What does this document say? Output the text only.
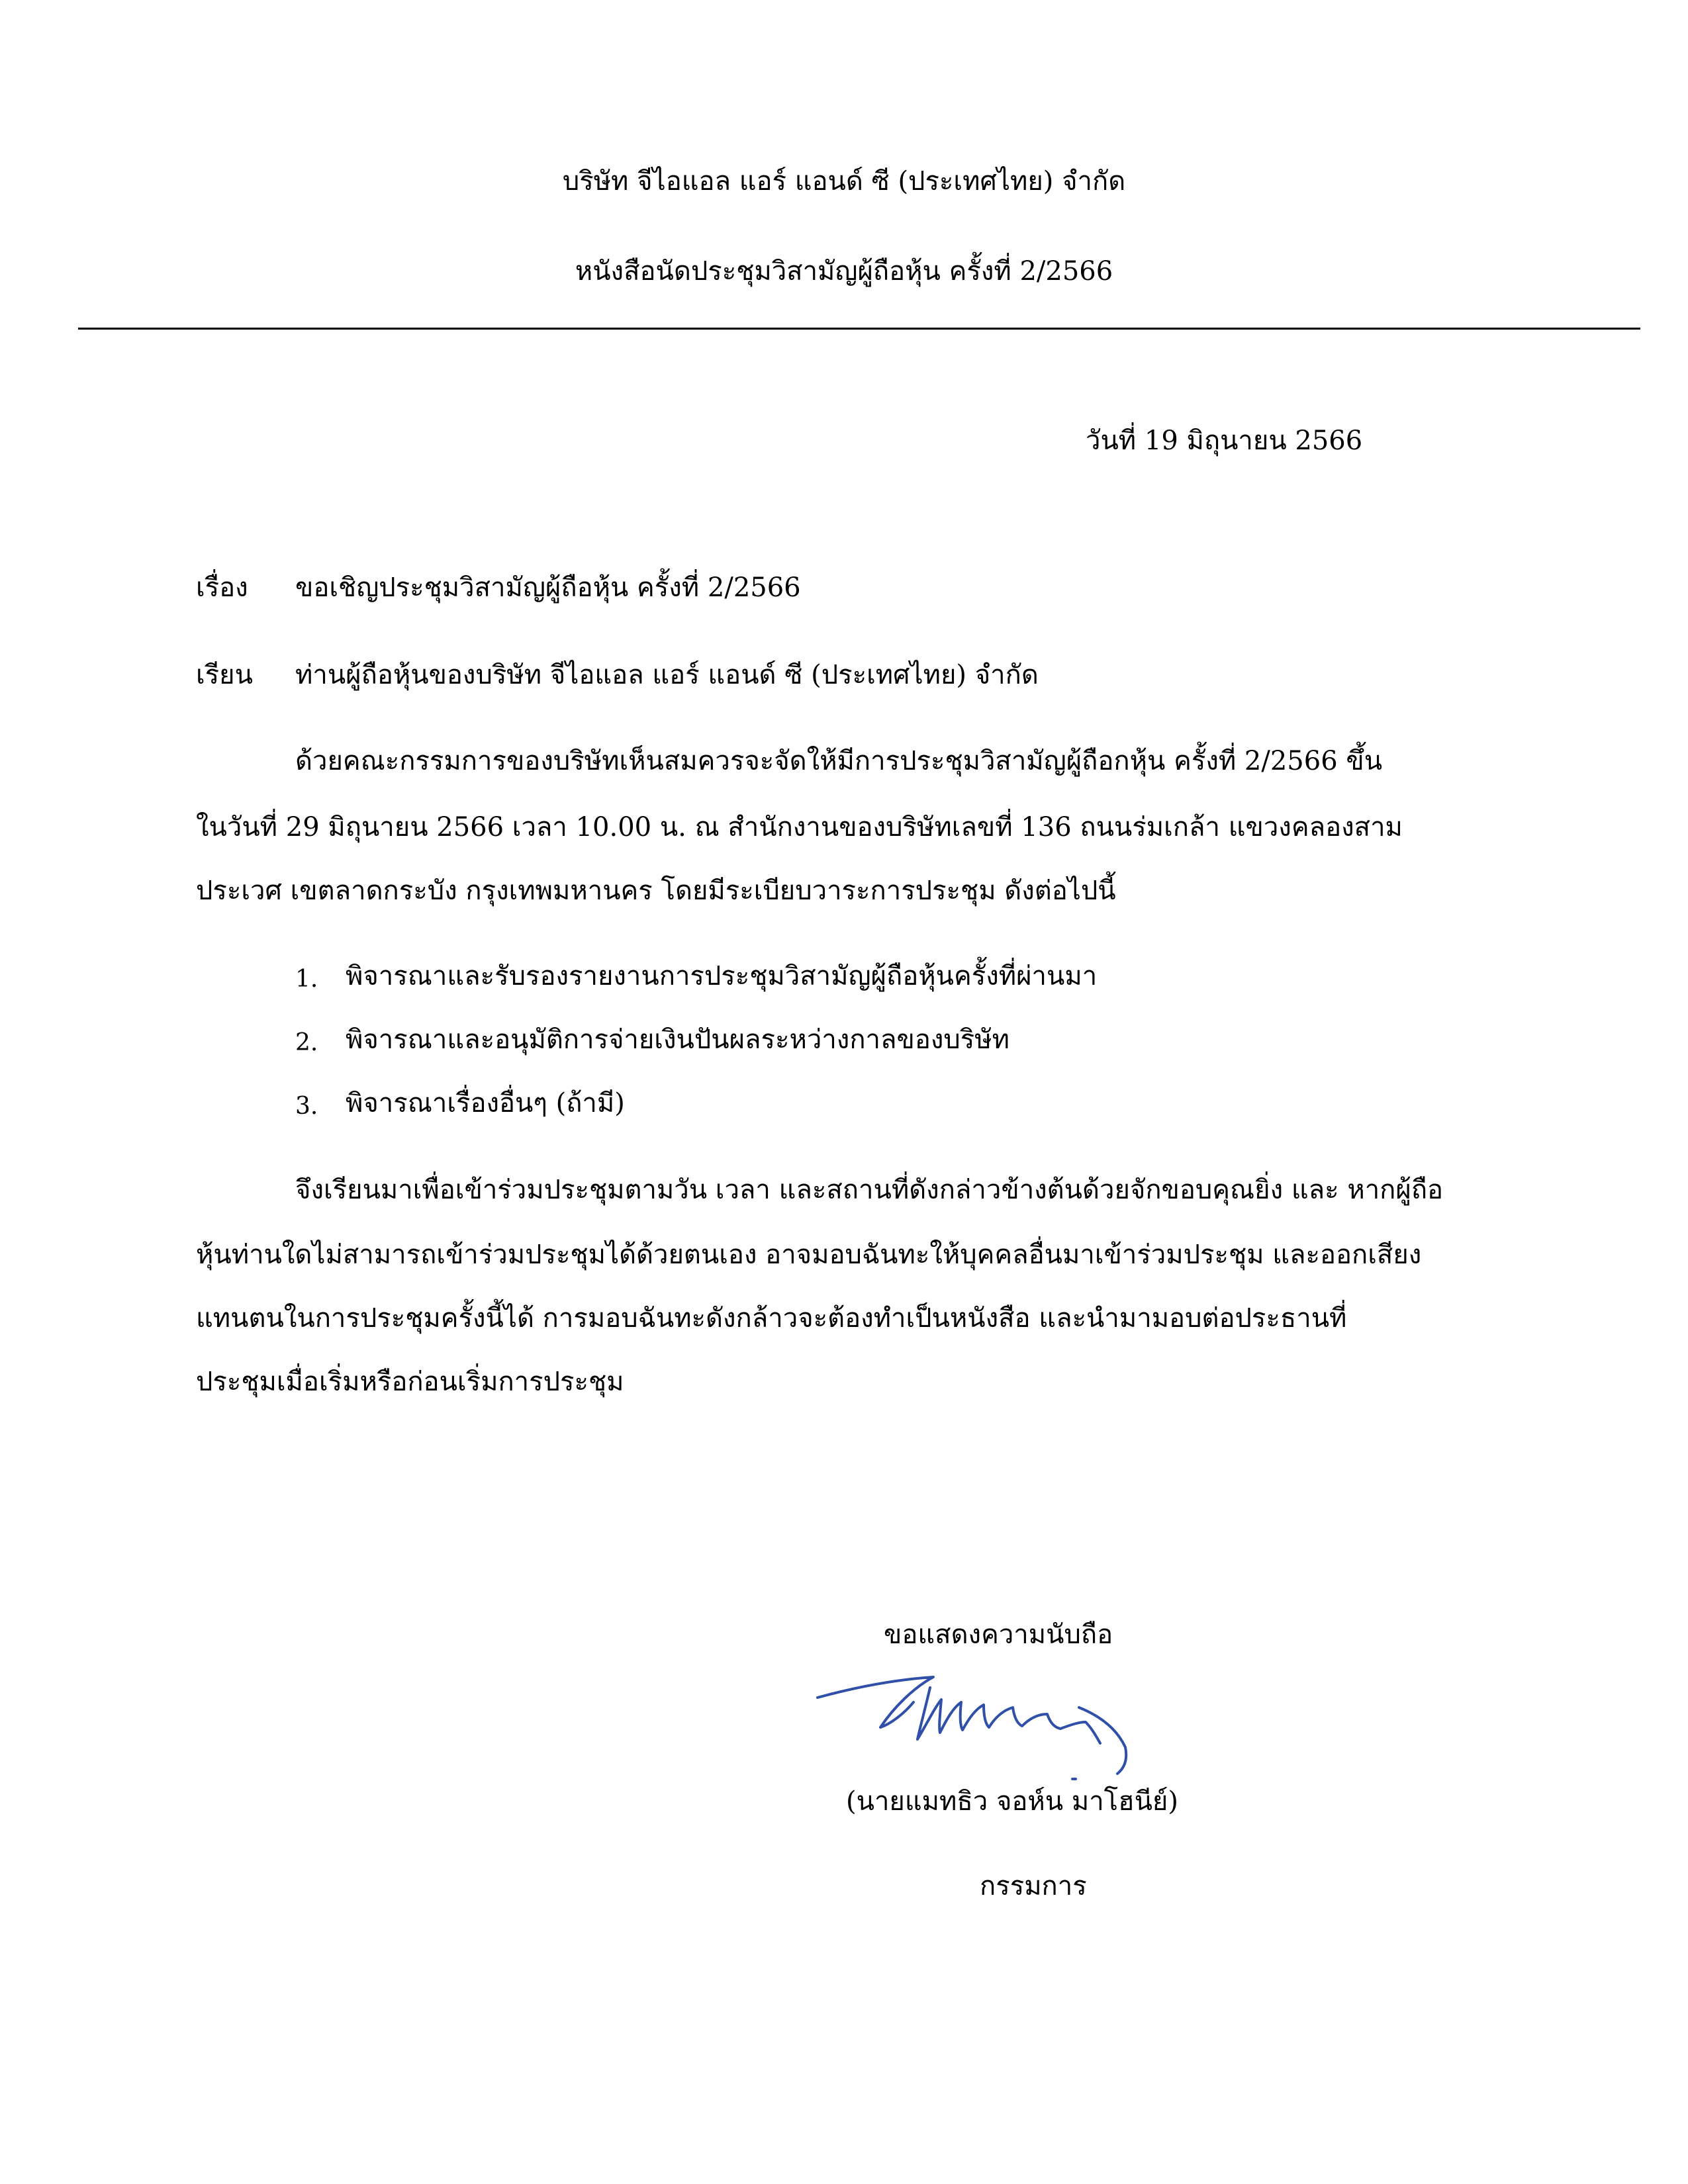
บริษัท จีไอแอล แอร์ แอนด์ ซี (ประเทศไทย) จำกัด
หนังสือนัดประชุมวิสามัญผู้ถือหุ้น ครั้งที่ 2/2566
วันที่ 19 มิถุนายน 2566
เรื่อง ขอเชิญประชุมวิสามัญผู้ถือหุ้น ครั้งที่ 2/2566
เรียน ท่านผู้ถือหุ้นของบริษัท จีไอแอล แอร์ แอนด์ ซี (ประเทศไทย) จำกัด
ด้วยคณะกรรมการของบริษัทเห็นสมควรจะจัดให้มีการประชุมวิสามัญผู้ถือกหุ้น ครั้งที่ 2/2566 ขึ้น
ในวันที่ 29 มิถุนายน 2566 เวลา 10.00 น. ณ สำนักงานของบริษัทเลขที่ 136 ถนนร่มเกล้า แขวงคลองสาม
ประเวศ เขตลาดกระบัง กรุงเทพมหานคร โดยมีระเบียบวาระการประชุม ดังต่อไปนี้
1. พิจารณาและรับรองรายงานการประชุมวิสามัญผู้ถือหุ้นครั้งที่ผ่านมา
2. พิจารณาและอนุมัติการจ่ายเงินปันผลระหว่างกาลของบริษัท
3. พิจารณาเรื่องอื่นๆ (ถ้ามี)
จึงเรียนมาเพื่อเข้าร่วมประชุมตามวัน เวลา และสถานที่ดังกล่าวข้างต้นด้วยจักขอบคุณยิ่ง และ หากผู้ถือ
หุ้นท่านใดไม่สามารถเข้าร่วมประชุมได้ด้วยตนเอง อาจมอบฉันทะให้บุคคลอื่นมาเข้าร่วมประชุม และออกเสียง
แทนตนในการประชุมครั้งนี้ได้ การมอบฉันทะดังกล้าวจะต้องทำเป็นหนังสือ และนำมามอบต่อประธานที่
ประชุมเมื่อเริ่มหรือก่อนเริ่มการประชุม
ขอแสดงความนับถือ
(นายแมทธิว จอห์น มาโฮนีย์)
กรรมการ
